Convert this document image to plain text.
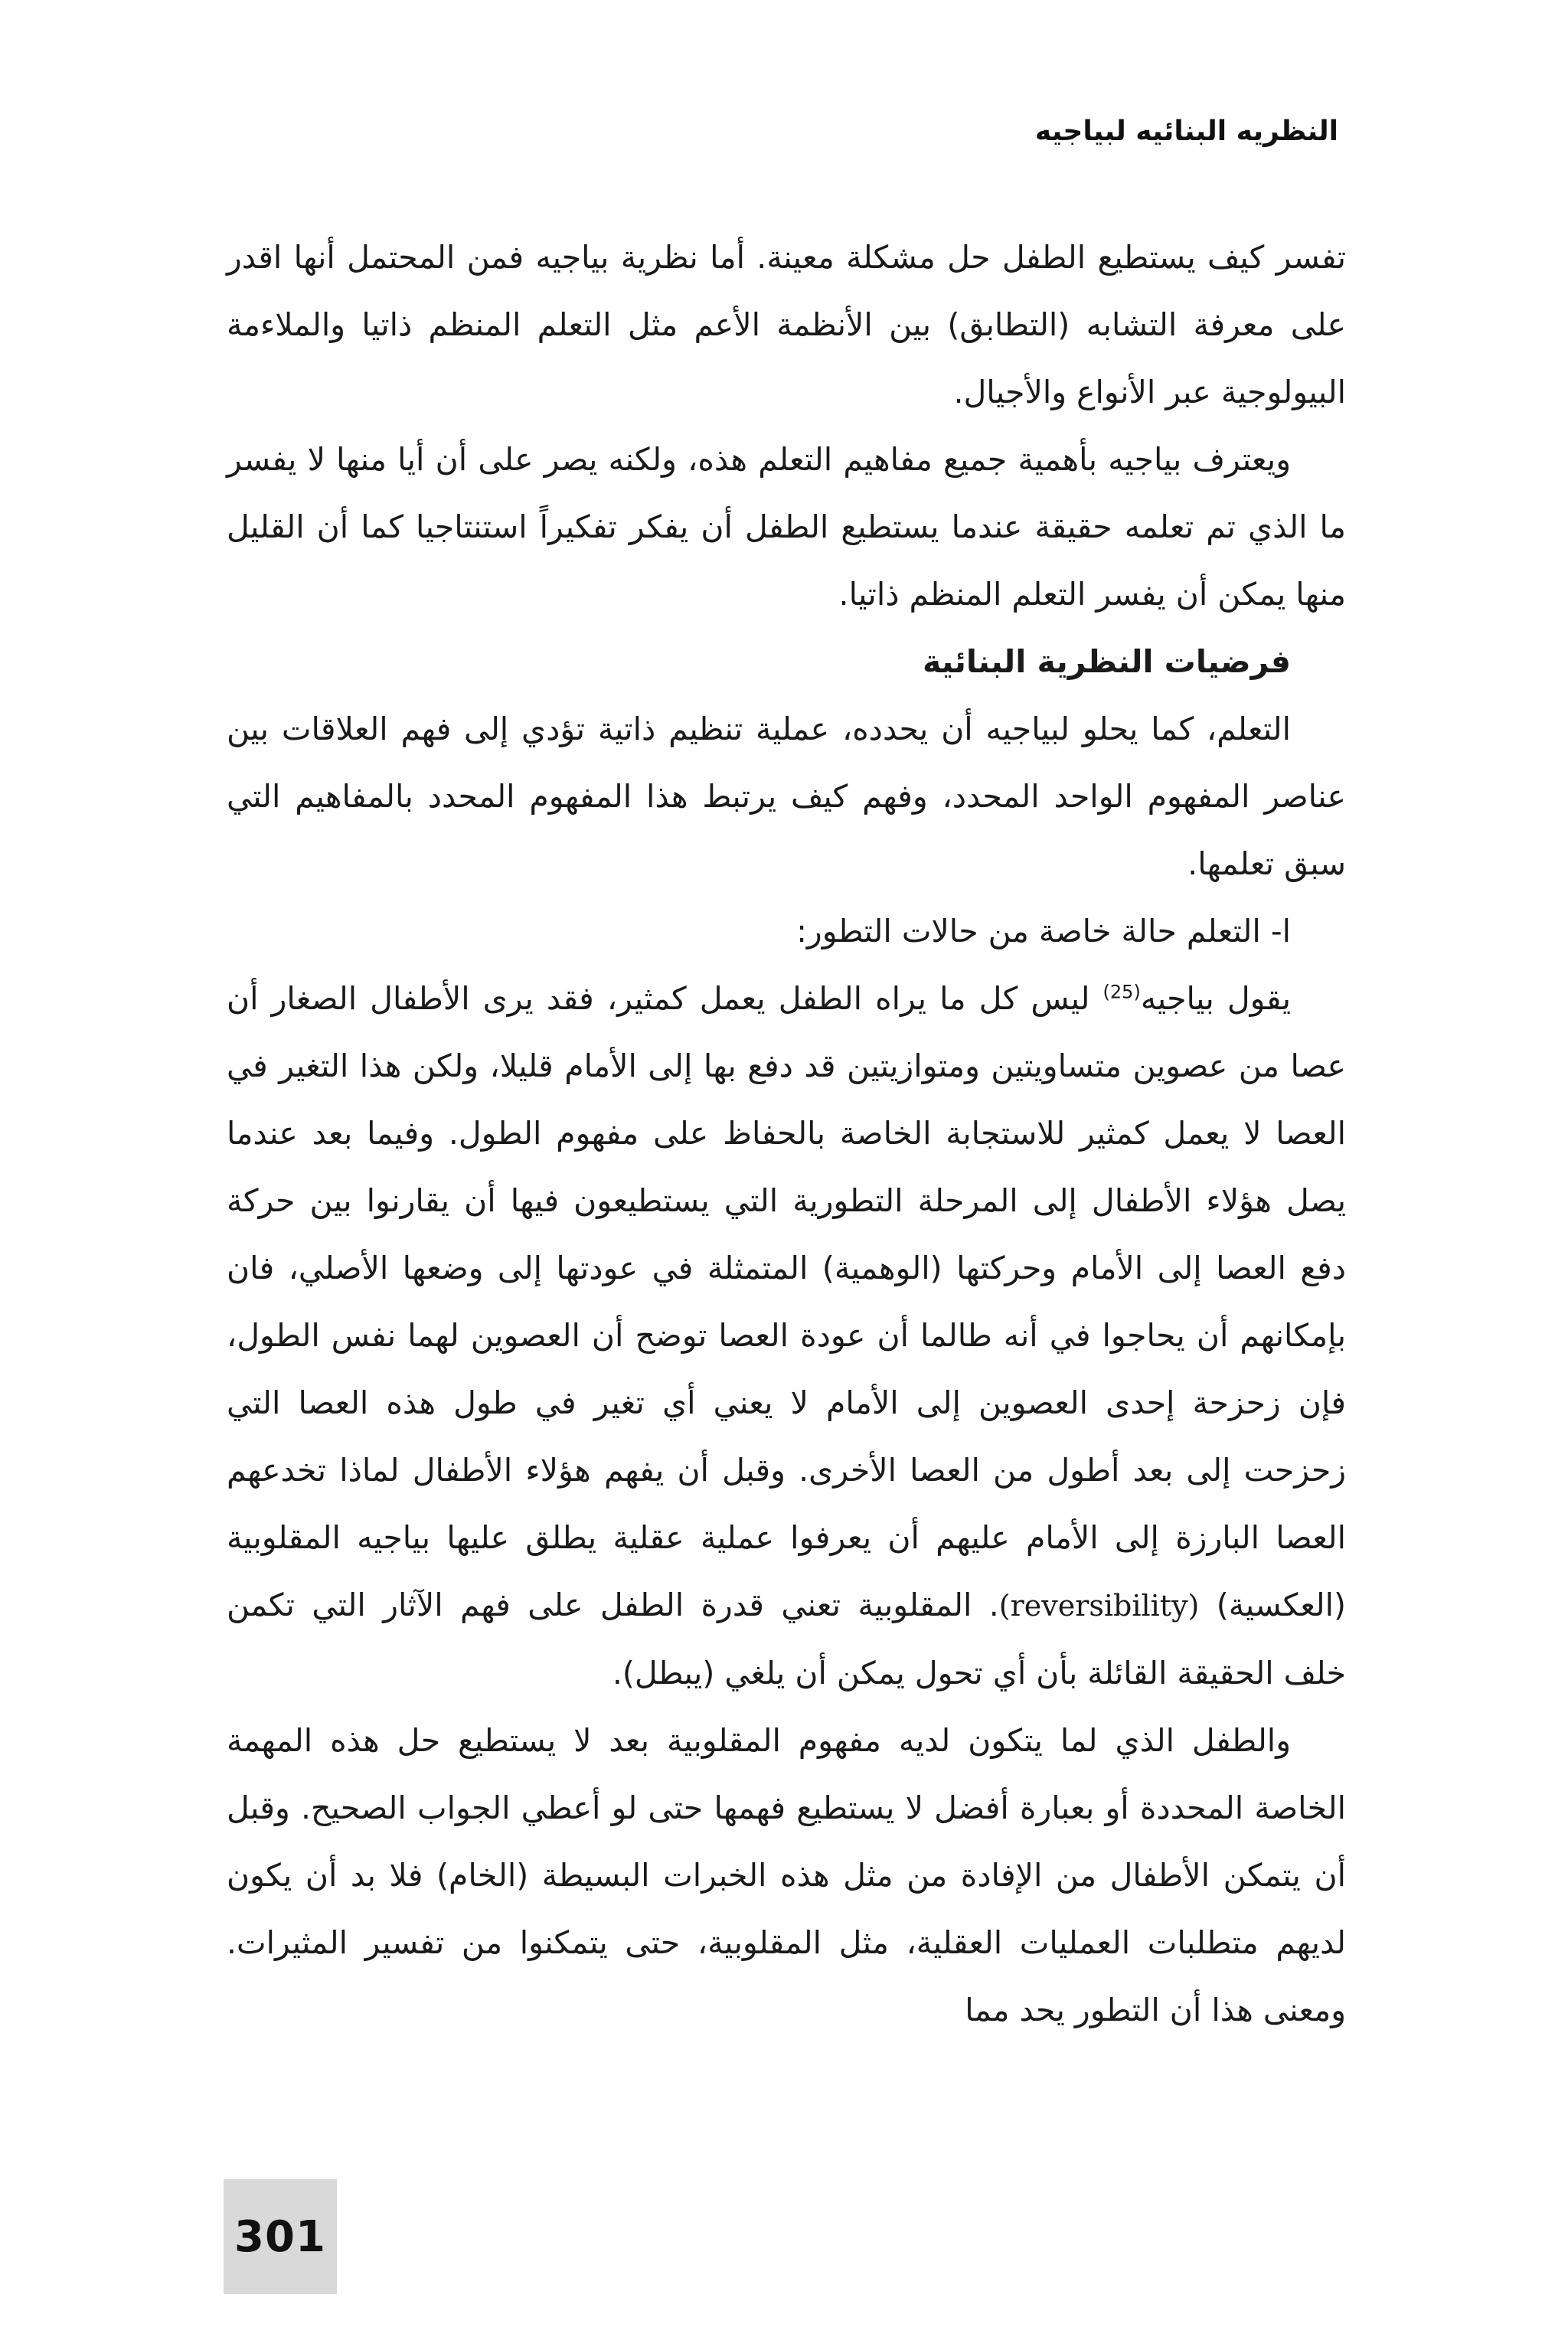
النظريه البنائيه لبياجيه

تفسر كيف يستطيع الطفل حل مشكلة معينة. أما نظرية بياجيه فمن المحتمل أنها اقدر على معرفة التشابه (التطابق) بين الأنظمة الأعم مثل التعلم المنظم ذاتيا والملاءمة البيولوجية عبر الأنواع والأجيال.

ويعترف بياجيه بأهمية جميع مفاهيم التعلم هذه، ولكنه يصر على أن أيا منها لا يفسر ما الذي تم تعلمه حقيقة عندما يستطيع الطفل أن يفكر تفكيراً استنتاجيا كما أن القليل منها يمكن أن يفسر التعلم المنظم ذاتيا.

فرضيات النظرية البنائية

التعلم، كما يحلو لبياجيه أن يحدده، عملية تنظيم ذاتية تؤدي إلى فهم العلاقات بين عناصر المفهوم الواحد المحدد، وفهم كيف يرتبط هذا المفهوم المحدد بالمفاهيم التي سبق تعلمها.

ا- التعلم حالة خاصة من حالات التطور:

يقول بياجيه$^{(25)}$ ليس كل ما يراه الطفل يعمل كمثير، فقد يرى الأطفال الصغار أن عصا من عصوين متساويتين ومتوازيتين قد دفع بها إلى الأمام قليلا، ولكن هذا التغير في العصا لا يعمل كمثير للاستجابة الخاصة بالحفاظ على مفهوم الطول. وفيما بعد عندما يصل هؤلاء الأطفال إلى المرحلة التطورية التي يستطيعون فيها أن يقارنوا بين حركة دفع العصا إلى الأمام وحركتها (الوهمية) المتمثلة في عودتها إلى وضعها الأصلي، فان بإمكانهم أن يحاجوا في أنه طالما أن عودة العصا توضح أن العصوين لهما نفس الطول، فإن زحزحة إحدى العصوين إلى الأمام لا يعني أي تغير في طول هذه العصا التي زحزحت إلى بعد أطول من العصا الأخرى. وقبل أن يفهم هؤلاء الأطفال لماذا تخدعهم العصا البارزة إلى الأمام عليهم أن يعرفوا عملية عقلية يطلق عليها بياجيه المقلوبية (العكسية) (reversibility). المقلوبية تعني قدرة الطفل على فهم الآثار التي تكمن خلف الحقيقة القائلة بأن أي تحول يمكن أن يلغي (يبطل).

والطفل الذي لما يتكون لديه مفهوم المقلوبية بعد لا يستطيع حل هذه المهمة الخاصة المحددة أو بعبارة أفضل لا يستطيع فهمها حتى لو أعطي الجواب الصحيح. وقبل أن يتمكن الأطفال من الإفادة من مثل هذه الخبرات البسيطة (الخام) فلا بد أن يكون لديهم متطلبات العمليات العقلية، مثل المقلوبية، حتى يتمكنوا من تفسير المثيرات. ومعنى هذا أن التطور يحد مما

301
